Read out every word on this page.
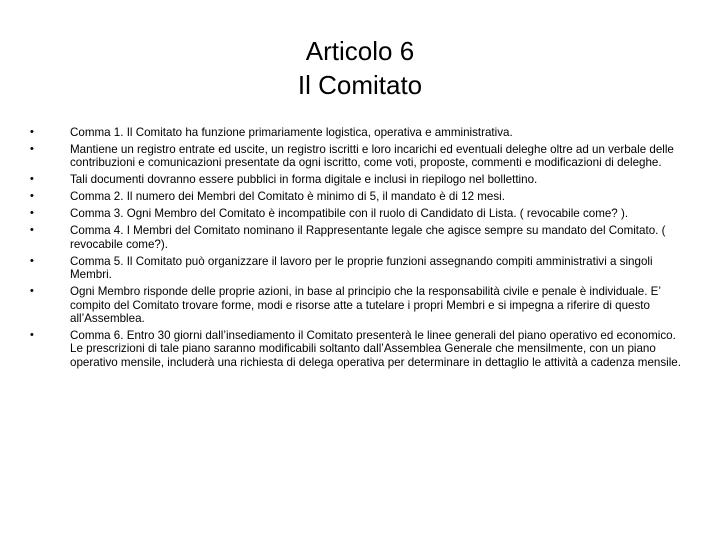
Articolo 6
Il Comitato
•	Comma 1. Il Comitato ha funzione primariamente logistica, operativa e amministrativa.
•	Mantiene un registro entrate ed uscite, un registro iscritti e loro incarichi ed eventuali deleghe oltre ad un verbale delle contribuzioni e comunicazioni presentate da ogni iscritto, come voti, proposte, commenti e modificazioni di deleghe.
•	Tali documenti dovranno essere pubblici in forma digitale e inclusi in riepilogo nel bollettino.
•	Comma 2. Il numero dei Membri del Comitato è minimo di 5, il mandato è di 12 mesi.
•	Comma 3. Ogni Membro del Comitato è incompatibile con il ruolo di Candidato di Lista. ( revocabile come? ).
•	Comma 4. I Membri del Comitato nominano il Rappresentante legale che agisce sempre su mandato del Comitato. ( revocabile come?).
•	Comma 5. Il Comitato può organizzare il lavoro per le proprie funzioni assegnando compiti amministrativi a singoli Membri.
•	Ogni Membro risponde delle proprie azioni, in base al principio che la responsabilità civile e penale è individuale. E’ compito del Comitato trovare forme, modi e risorse atte a tutelare i propri Membri e si impegna a riferire di questo all’Assemblea.
•	Comma 6. Entro 30 giorni dall’insediamento il Comitato presenterà le linee generali del piano operativo ed economico. Le prescrizioni di tale piano saranno modificabili soltanto dall’Assemblea Generale che mensilmente, con un piano operativo mensile, includerà una richiesta di delega operativa per determinare in dettaglio le attività a cadenza mensile.
